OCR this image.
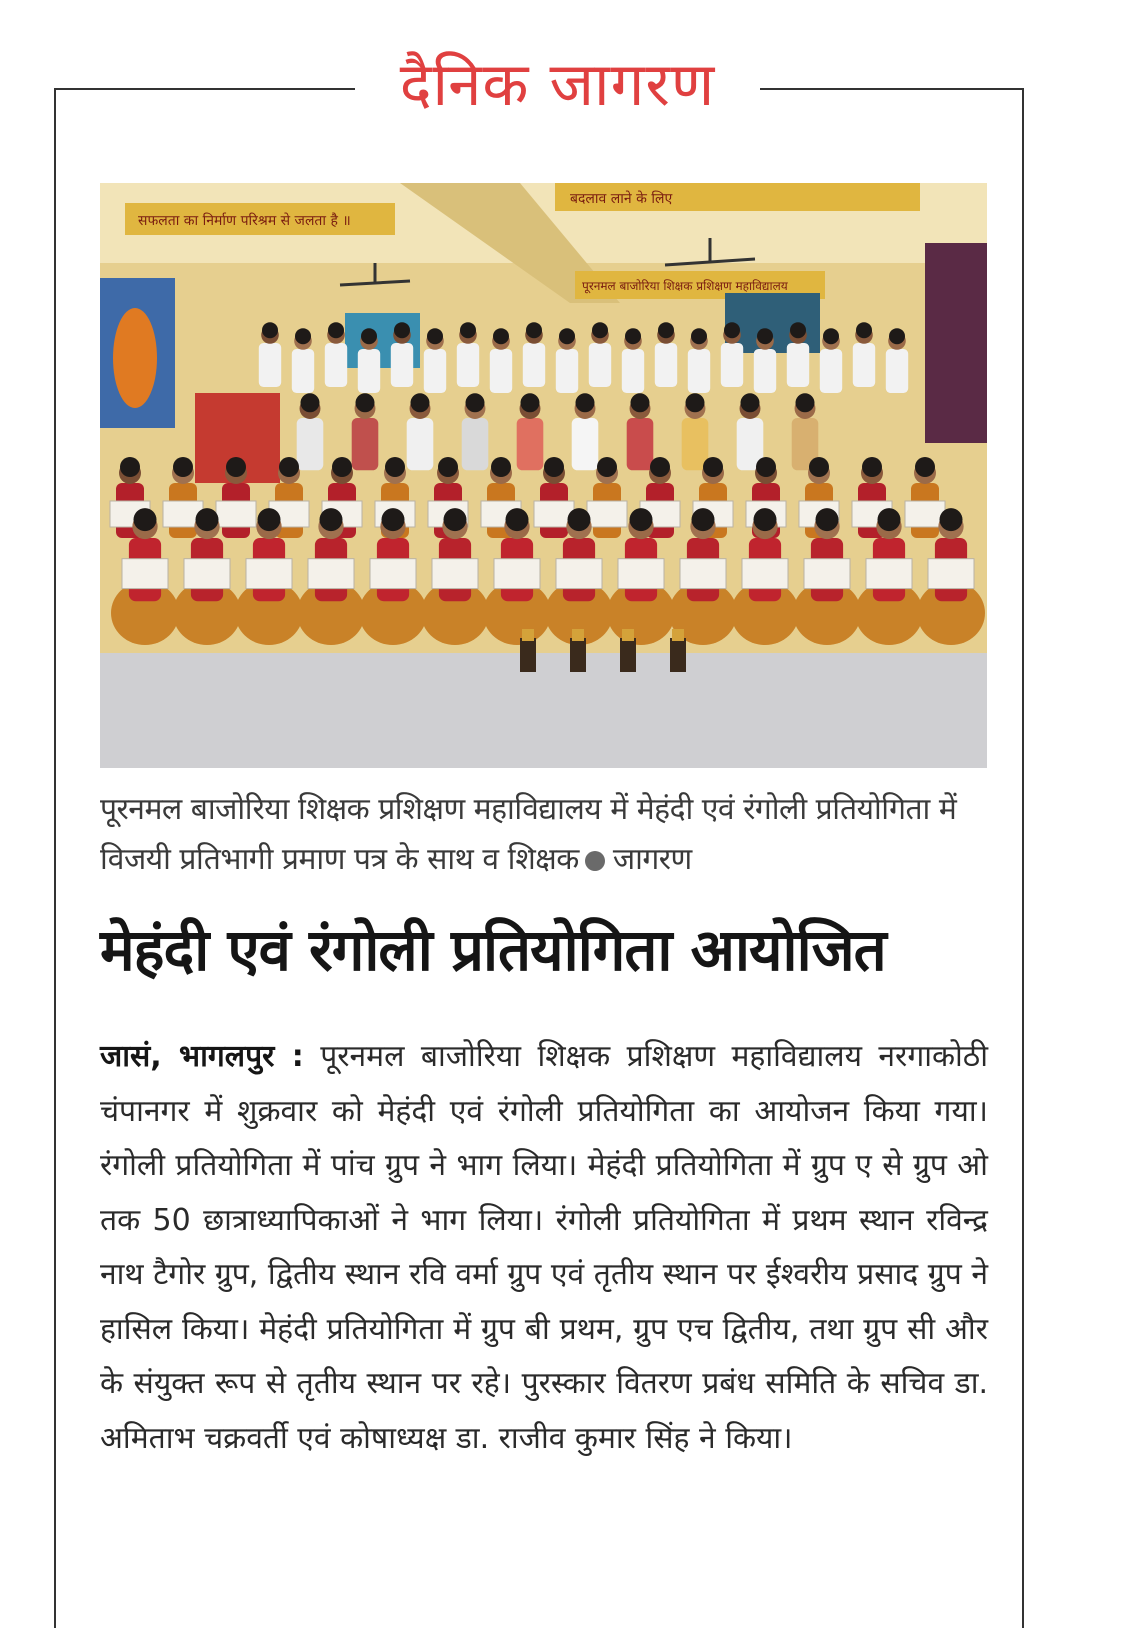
दैनिक जागरण
सफलता का निर्माण परिश्रम से जलता है ॥
बदलाव लाने के लिए
पूरनमल बाजोरिया शिक्षक प्रशिक्षण महाविद्यालय
पूरनमल बाजोरिया शिक्षक प्रशिक्षण महाविद्यालय में मेहंदी एवं रंगोली प्रतियोगिता में विजयी प्रतिभागी प्रमाण पत्र के साथ व शिक्षक जागरण
मेहंदी एवं रंगोली प्रतियोगिता आयोजित
जासं, भागलपुर : पूरनमल बाजोरिया शिक्षक प्रशिक्षण महाविद्यालय नरगाकोठी चंपानगर में शुक्रवार को मेहंदी एवं रंगोली प्रतियोगिता का आयोजन किया गया। रंगोली प्रतियोगिता में पांच ग्रुप ने भाग लिया। मेहंदी प्रतियोगिता में ग्रुप ए से ग्रुप ओ तक 50 छात्राध्यापिकाओं ने भाग लिया। रंगोली प्रतियोगिता में प्रथम स्थान रविन्द्र नाथ टैगोर ग्रुप, द्वितीय स्थान रवि वर्मा ग्रुप एवं तृतीय स्थान पर ईश्वरीय प्रसाद ग्रुप ने हासिल किया। मेहंदी प्रतियोगिता में ग्रुप बी प्रथम, ग्रुप एच द्वितीय, तथा ग्रुप सी और के संयुक्त रूप से तृतीय स्थान पर रहे। पुरस्कार वितरण प्रबंध समिति के सचिव डा. अमिताभ चक्रवर्ती एवं कोषाध्यक्ष डा. राजीव कुमार सिंह ने किया।
